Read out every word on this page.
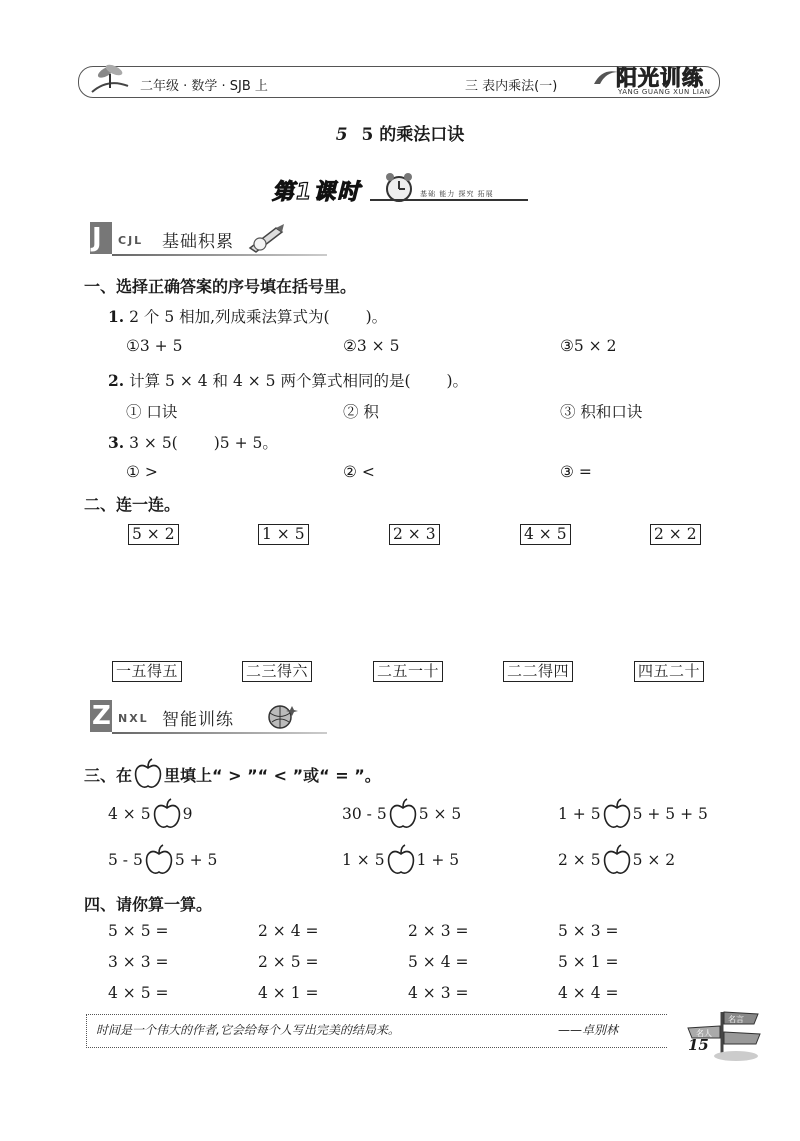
二年级 · 数学 · SJB 上	三 表内乘法(一)	阳光训练
YANG GUANG XUN LIAN
5 5 的乘法口诀
第1课时	基础 能力 探究 拓展
J CJL 基础积累
一、选择正确答案的序号填在括号里。
1. 2 个 5 相加,列成乘法算式为( )。
①3 + 5	②3 × 5	③5 × 2
2. 计算 5 × 4 和 4 × 5 两个算式相同的是( )。
① 口诀	② 积	③ 积和口诀
3. 3 × 5( )5 + 5。
① >	② <	③ =
二、连一连。
5 × 2	1 × 5	2 × 3	4 × 5	2 × 2
一五得五	二三得六	二五一十	二二得四	四五二十
Z NXL 智能训练
三、在 里填上“ > ”“ < ”或“ = ”。
4 × 5 9	30 - 5 5 × 5	1 + 5 5 + 5 + 5
5 - 5 5 + 5	1 × 5 1 + 5	2 × 5 5 × 2
四、请你算一算。
5 × 5 =	2 × 4 =	2 × 3 =	5 × 3 =
3 × 3 =	2 × 5 =	5 × 4 =	5 × 1 =
4 × 5 =	4 × 1 =	4 × 3 =	4 × 4 =
时间是一个伟大的作者,它会给每个人写出完美的结局来。	——卓别林
名言
名人
15
